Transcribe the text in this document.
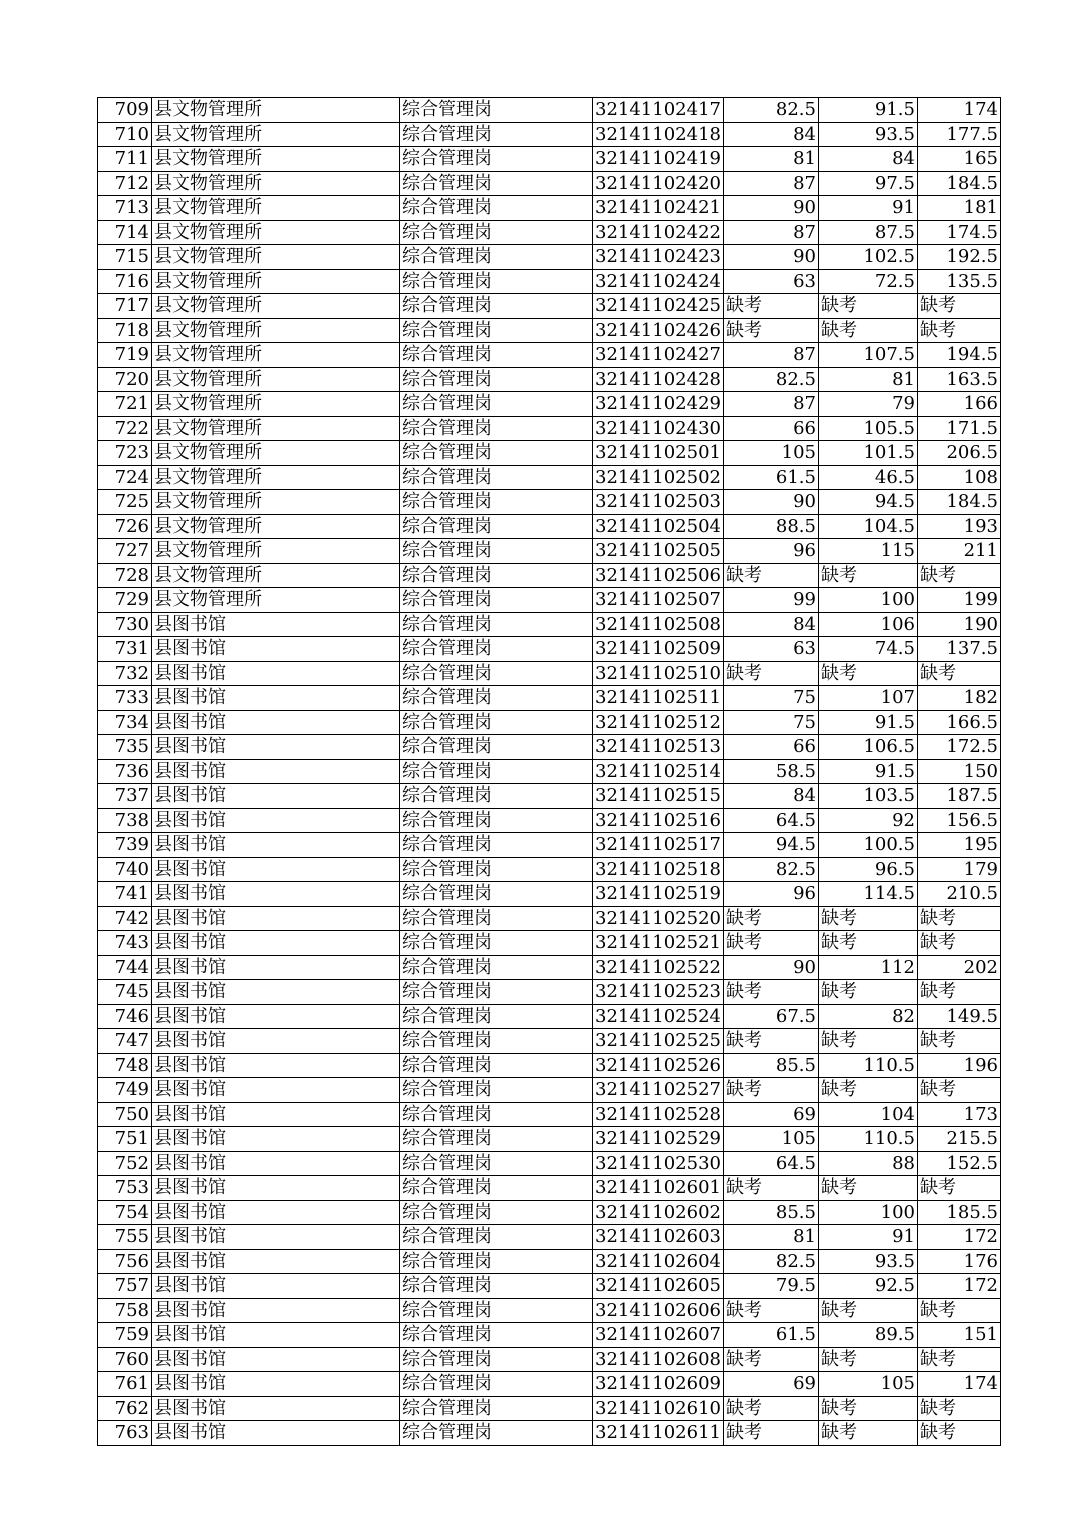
709	县文物管理所	综合管理岗	32141102417	82.5	91.5	174
710	县文物管理所	综合管理岗	32141102418	84	93.5	177.5
711	县文物管理所	综合管理岗	32141102419	81	84	165
712	县文物管理所	综合管理岗	32141102420	87	97.5	184.5
713	县文物管理所	综合管理岗	32141102421	90	91	181
714	县文物管理所	综合管理岗	32141102422	87	87.5	174.5
715	县文物管理所	综合管理岗	32141102423	90	102.5	192.5
716	县文物管理所	综合管理岗	32141102424	63	72.5	135.5
717	县文物管理所	综合管理岗	32141102425	缺考	缺考	缺考
718	县文物管理所	综合管理岗	32141102426	缺考	缺考	缺考
719	县文物管理所	综合管理岗	32141102427	87	107.5	194.5
720	县文物管理所	综合管理岗	32141102428	82.5	81	163.5
721	县文物管理所	综合管理岗	32141102429	87	79	166
722	县文物管理所	综合管理岗	32141102430	66	105.5	171.5
723	县文物管理所	综合管理岗	32141102501	105	101.5	206.5
724	县文物管理所	综合管理岗	32141102502	61.5	46.5	108
725	县文物管理所	综合管理岗	32141102503	90	94.5	184.5
726	县文物管理所	综合管理岗	32141102504	88.5	104.5	193
727	县文物管理所	综合管理岗	32141102505	96	115	211
728	县文物管理所	综合管理岗	32141102506	缺考	缺考	缺考
729	县文物管理所	综合管理岗	32141102507	99	100	199
730	县图书馆	综合管理岗	32141102508	84	106	190
731	县图书馆	综合管理岗	32141102509	63	74.5	137.5
732	县图书馆	综合管理岗	32141102510	缺考	缺考	缺考
733	县图书馆	综合管理岗	32141102511	75	107	182
734	县图书馆	综合管理岗	32141102512	75	91.5	166.5
735	县图书馆	综合管理岗	32141102513	66	106.5	172.5
736	县图书馆	综合管理岗	32141102514	58.5	91.5	150
737	县图书馆	综合管理岗	32141102515	84	103.5	187.5
738	县图书馆	综合管理岗	32141102516	64.5	92	156.5
739	县图书馆	综合管理岗	32141102517	94.5	100.5	195
740	县图书馆	综合管理岗	32141102518	82.5	96.5	179
741	县图书馆	综合管理岗	32141102519	96	114.5	210.5
742	县图书馆	综合管理岗	32141102520	缺考	缺考	缺考
743	县图书馆	综合管理岗	32141102521	缺考	缺考	缺考
744	县图书馆	综合管理岗	32141102522	90	112	202
745	县图书馆	综合管理岗	32141102523	缺考	缺考	缺考
746	县图书馆	综合管理岗	32141102524	67.5	82	149.5
747	县图书馆	综合管理岗	32141102525	缺考	缺考	缺考
748	县图书馆	综合管理岗	32141102526	85.5	110.5	196
749	县图书馆	综合管理岗	32141102527	缺考	缺考	缺考
750	县图书馆	综合管理岗	32141102528	69	104	173
751	县图书馆	综合管理岗	32141102529	105	110.5	215.5
752	县图书馆	综合管理岗	32141102530	64.5	88	152.5
753	县图书馆	综合管理岗	32141102601	缺考	缺考	缺考
754	县图书馆	综合管理岗	32141102602	85.5	100	185.5
755	县图书馆	综合管理岗	32141102603	81	91	172
756	县图书馆	综合管理岗	32141102604	82.5	93.5	176
757	县图书馆	综合管理岗	32141102605	79.5	92.5	172
758	县图书馆	综合管理岗	32141102606	缺考	缺考	缺考
759	县图书馆	综合管理岗	32141102607	61.5	89.5	151
760	县图书馆	综合管理岗	32141102608	缺考	缺考	缺考
761	县图书馆	综合管理岗	32141102609	69	105	174
762	县图书馆	综合管理岗	32141102610	缺考	缺考	缺考
763	县图书馆	综合管理岗	32141102611	缺考	缺考	缺考
